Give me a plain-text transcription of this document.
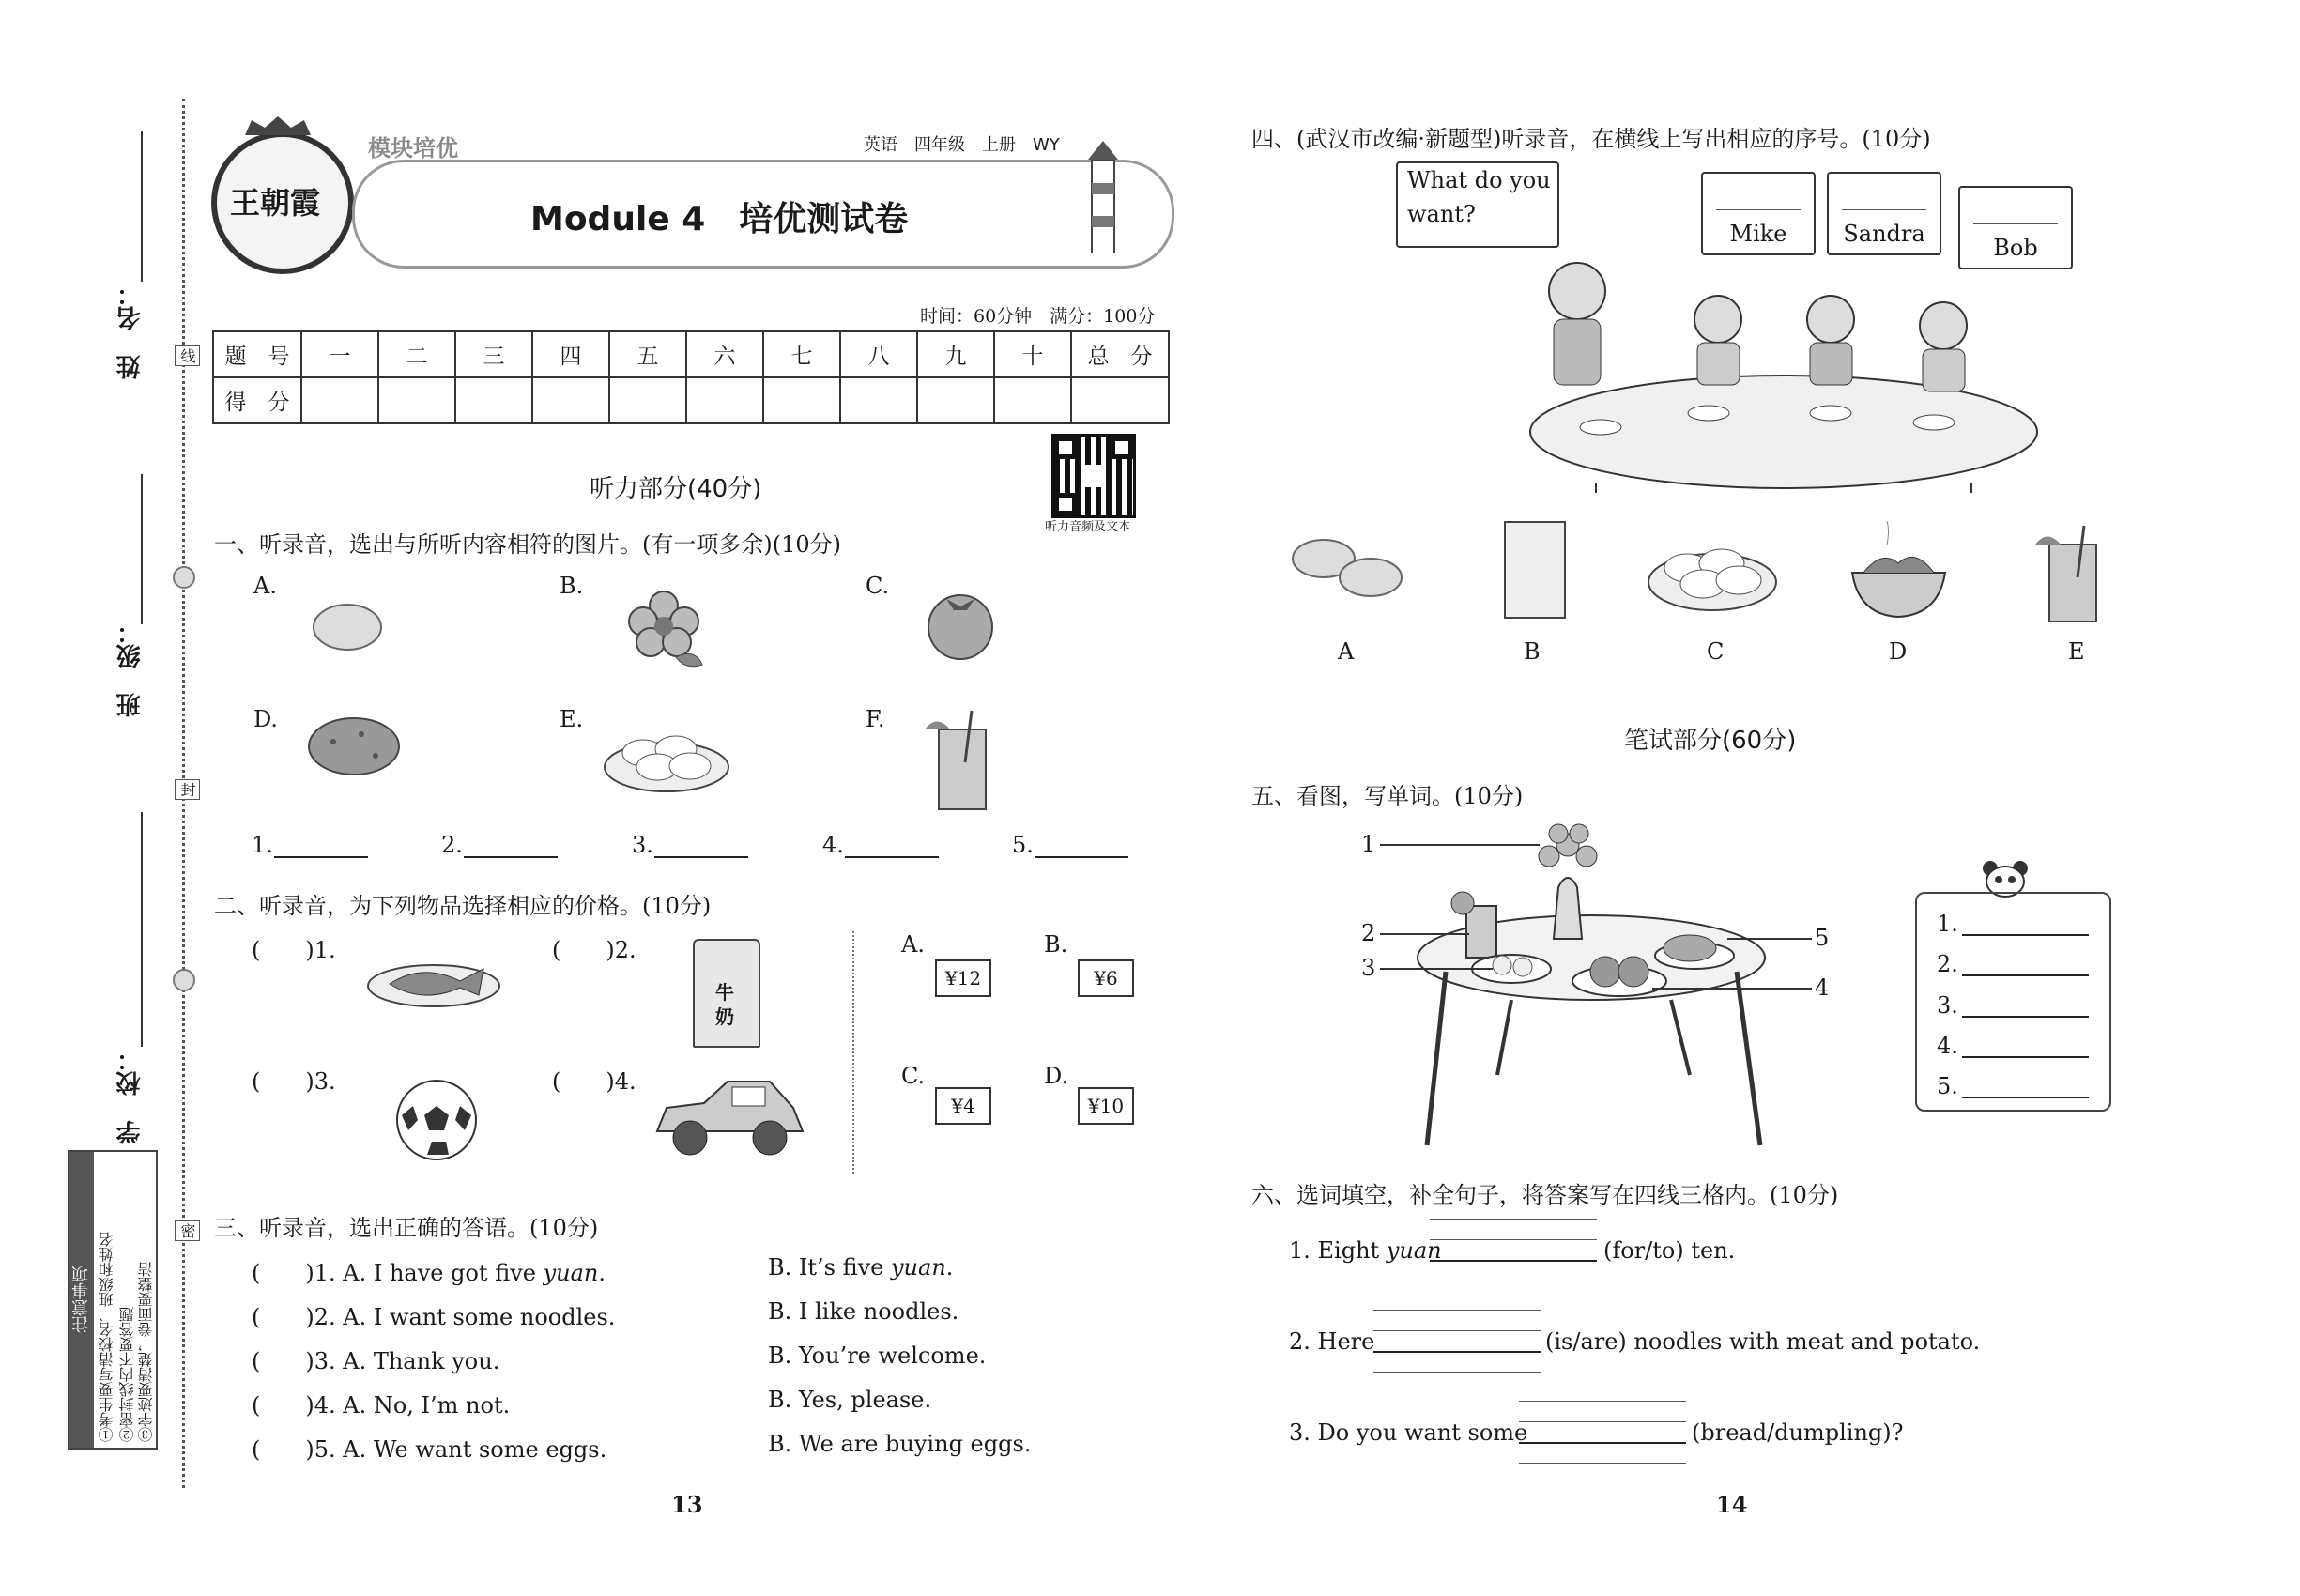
线
封
密
姓　名：
班　级：
学　校：
注意事项 ①考生要写清校名、班级和姓名 ②密封线内不要答题 ③字迹要清楚，卷面要整洁
王朝霞
模块培优	英语　四年级　上册　WY
Module 4　培优测试卷
时间：60分钟　满分：100分
题　号	一	二	三	四	五	六	七	八	九	十	总　分
得　分											
听力音频及文本
听力部分(40分)
一、听录音，选出与所听内容相符的图片。(有一项多余)(10分)
A.	B.	C.
D.	E.	F.
1.	2.	3.	4.	5.
二、听录音，为下列物品选择相应的价格。(10分)
(　　)1.	(　　)2.
(　　)3.	(　　)4.
牛奶
A.
¥12
B.
¥6
C.
¥4
D.
¥10
三、听录音，选出正确的答语。(10分)
(　　)1. A. I have got five yuan.	B. It’s five yuan.
(　　)2. A. I want some noodles.	B. I like noodles.
(　　)3. A. Thank you.	B. You’re welcome.
(　　)4. A. No, I’m not.	B. Yes, please.
(　　)5. A. We want some eggs.	B. We are buying eggs.
13
四、(武汉市改编·新题型)听录音，在横线上写出相应的序号。(10分)
What do you
want?
Mike	Sandra
Bob
A	B	C	D	E
笔试部分(60分)
五、看图，写单词。(10分)
1
2
3
4
5
1.
2.
3.
4.
5.
六、选词填空，补全句子，将答案写在四线三格内。(10分)
1. Eight yuan	(for/to) ten.
2. Here	(is/are) noodles with meat and potato.
3. Do you want some	(bread/dumpling)?
14
